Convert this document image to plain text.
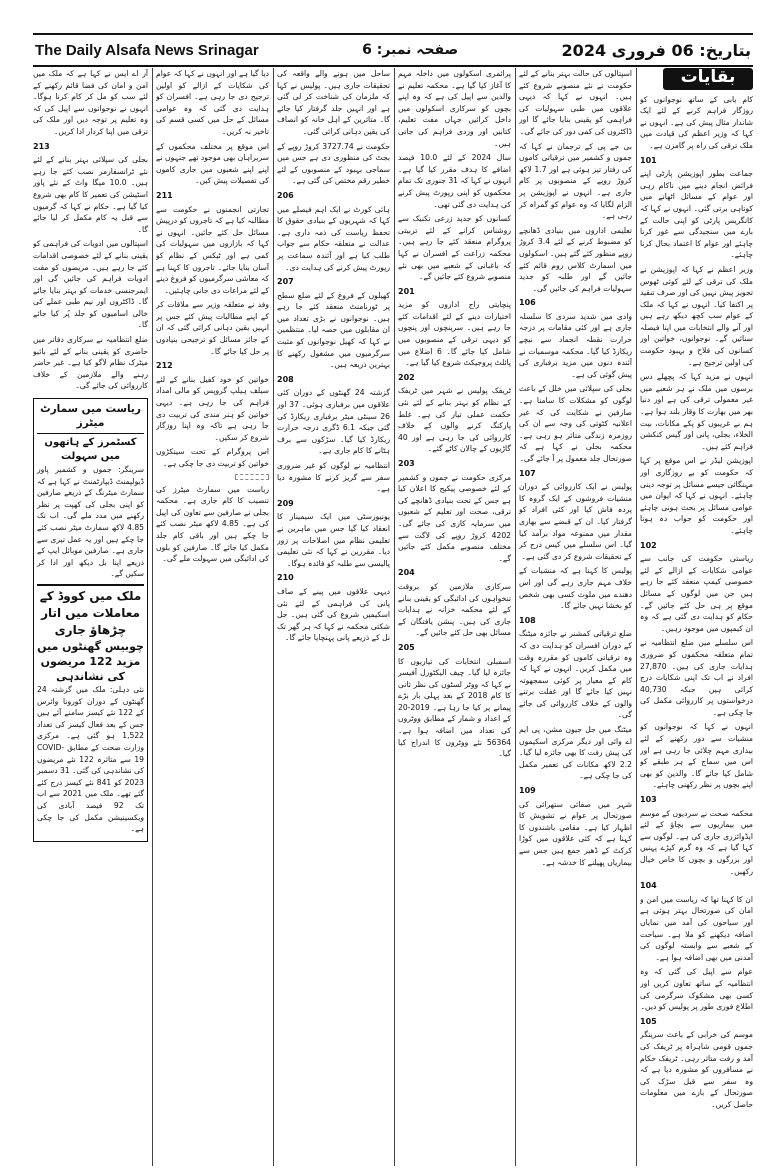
The Daily Alsafa News Srinagar	صفحہ نمبر: 6	بتاریخ: 06 فروری 2024
بقایات

کام یابی کے ساتھ نوجوانوں کو روزگار فراہم کرنے کے لئے ایک شاندار مثال پیش کی ہے۔ انہوں نے کہا کہ وزیر اعظم کی قیادت میں ملک ترقی کی راہ پر گامزن ہے۔

101

جماعت بطور اپوزیشن پارٹی اپنے فرائض انجام دینے میں ناکام رہی اور عوام کے مسائل اٹھانے میں کوتاہی برتی گئی۔ انہوں نے کہا کہ کانگریس پارٹی کو اپنی حالت کے بارے میں سنجیدگی سے غور کرنا چاہئے اور عوام کا اعتماد بحال کرنا چاہئے۔

وزیر اعظم نے کہا کہ اپوزیشن نے ملک کی ترقی کے لئے کوئی ٹھوس تجویز پیش نہیں کی اور صرف تنقید پر اکتفا کیا۔ انہوں نے کہا کہ ملک کے عوام سب کچھ دیکھ رہے ہیں اور آنے والے انتخابات میں اپنا فیصلہ سنائیں گے۔ نوجوانوں، خواتین اور کسانوں کی فلاح و بہبود حکومت کی اولین ترجیح ہے۔

انہوں نے مزید کہا کہ پچھلے دس برسوں میں ملک نے ہر شعبے میں غیر معمولی ترقی کی ہے اور دنیا بھر میں بھارت کا وقار بلند ہوا ہے۔ ہم نے غریبوں کو پکے مکانات، بیت الخلاء، بجلی، پانی اور گیس کنکشن فراہم کئے ہیں۔

اپوزیشن لیڈر نے اس موقع پر کہا کہ حکومت کو بے روزگاری اور مہنگائی جیسے مسائل پر توجہ دینی چاہئے۔ انہوں نے کہا کہ ایوان میں عوامی مسائل پر بحث ہونی چاہئے اور حکومت کو جواب دہ ہونا چاہئے۔

102

ریاستی حکومت کی جانب سے عوامی شکایات کے ازالے کے لئے خصوصی کیمپ منعقد کئے جا رہے ہیں جن میں لوگوں کے مسائل موقع پر ہی حل کئے جائیں گے۔ حکام کو ہدایت دی گئی ہے کہ وہ ان کیمپوں میں موجود رہیں۔

اس سلسلے میں ضلع انتظامیہ نے تمام متعلقہ محکموں کو ضروری ہدایات جاری کی ہیں۔ 27,870 افراد نے اب تک اپنی شکایات درج کرائی ہیں جبکہ 40,730 درخواستوں پر کارروائی مکمل کی جا چکی ہے۔

انہوں نے کہا کہ نوجوانوں کو منشیات سے دور رکھنے کے لئے بیداری مہم چلائی جا رہی ہے اور اس میں سماج کے ہر طبقے کو شامل کیا جائے گا۔ والدین کو بھی اپنے بچوں پر نظر رکھنی چاہئے۔

103

محکمہ صحت نے سردیوں کے موسم میں بیماریوں سے بچاؤ کے لئے ایڈوائزری جاری کی ہے۔ لوگوں سے کہا گیا ہے کہ وہ گرم کپڑے پہنیں اور بزرگوں و بچوں کا خاص خیال رکھیں۔

104

ان کا کہنا تھا کہ ریاست میں امن و امان کی صورتحال بہتر ہوئی ہے اور سیاحوں کی آمد میں نمایاں اضافہ دیکھنے کو ملا ہے۔ سیاحت کے شعبے سے وابستہ لوگوں کی آمدنی میں بھی اضافہ ہوا ہے۔

عوام سے اپیل کی گئی کہ وہ انتظامیہ کے ساتھ تعاون کریں اور کسی بھی مشکوک سرگرمی کی اطلاع فوری طور پر پولیس کو دیں۔

105

موسم کی خرابی کے باعث سرینگر جموں قومی شاہراہ پر ٹریفک کی آمد و رفت متاثر رہی۔ ٹریفک حکام نے مسافروں کو مشورہ دیا ہے کہ وہ سفر سے قبل سڑک کی صورتحال کے بارے میں معلومات حاصل کریں۔

اسپتالوں کی حالت بہتر بنانے کے لئے حکومت نے نئے منصوبے شروع کئے ہیں۔ انہوں نے کہا کہ دیہی علاقوں میں طبی سہولیات کی فراہمی کو یقینی بنایا جائے گا اور ڈاکٹروں کی کمی دور کی جائے گی۔

بی جے پی کے ترجمان نے کہا کہ جموں و کشمیر میں ترقیاتی کاموں کی رفتار تیز ہوئی ہے اور 1.7 لاکھ کروڑ روپے کے منصوبوں پر کام جاری ہے۔ انہوں نے اپوزیشن پر الزام لگایا کہ وہ عوام کو گمراہ کر رہی ہے۔

تعلیمی اداروں میں بنیادی ڈھانچے کو مضبوط کرنے کے لئے 3.4 کروڑ روپے منظور کئے گئے ہیں۔ اسکولوں میں اسمارٹ کلاس روم قائم کئے جائیں گے اور طلبہ کو جدید سہولیات فراہم کی جائیں گی۔

106

وادی میں شدید سردی کا سلسلہ جاری ہے اور کئی مقامات پر درجہ حرارت نقطہ انجماد سے نیچے ریکارڈ کیا گیا۔ محکمہ موسمیات نے آئندہ دنوں میں مزید برفباری کی پیش گوئی کی ہے۔

بجلی کی سپلائی میں خلل کے باعث لوگوں کو مشکلات کا سامنا ہے۔ صارفین نے شکایت کی کہ غیر اعلانیہ کٹوتی کی وجہ سے ان کی روزمرہ زندگی متاثر ہو رہی ہے۔ محکمہ بجلی نے کہا ہے کہ صورتحال جلد معمول پر آ جائے گی۔

107

پولیس نے ایک کارروائی کے دوران منشیات فروشوں کے ایک گروہ کا پردہ فاش کیا اور کئی افراد کو گرفتار کیا۔ ان کے قبضے سے بھاری مقدار میں ممنوعہ مواد برآمد کیا گیا۔ اس سلسلے میں کیس درج کر کے تحقیقات شروع کر دی گئی ہے۔

پولیس کا کہنا ہے کہ منشیات کے خلاف مہم جاری رہے گی اور اس دھندے میں ملوث کسی بھی شخص کو بخشا نہیں جائے گا۔

108

ضلع ترقیاتی کمشنر نے جائزہ میٹنگ کے دوران افسران کو ہدایت دی کہ وہ ترقیاتی کاموں کو مقررہ وقت میں مکمل کریں۔ انہوں نے کہا کہ کام کے معیار پر کوئی سمجھوتہ نہیں کیا جائے گا اور غفلت برتنے والوں کے خلاف کارروائی کی جائے گی۔

میٹنگ میں جل جیون مشن، پی ایم اے وائی اور دیگر مرکزی اسکیموں کی پیش رفت کا بھی جائزہ لیا گیا۔ 2.2 لاکھ مکانات کی تعمیر مکمل کی جا چکی ہے۔

109

شہر میں صفائی ستھرائی کی صورتحال پر عوام نے تشویش کا اظہار کیا ہے۔ مقامی باشندوں کا کہنا ہے کہ کئی علاقوں میں کوڑا کرکٹ کے ڈھیر جمع ہیں جس سے بیماریاں پھیلنے کا خدشہ ہے۔

پرائمری اسکولوں میں داخلہ مہم کا آغاز کیا گیا ہے۔ محکمہ تعلیم نے والدین سے اپیل کی ہے کہ وہ اپنے بچوں کو سرکاری اسکولوں میں داخل کرائیں جہاں مفت تعلیم، کتابیں اور وردی فراہم کی جاتی ہیں۔

سال 2024 کے لئے 10.0 فیصد اضافے کا ہدف مقرر کیا گیا ہے۔ انہوں نے کہا کہ 31 جنوری تک تمام محکموں کو اپنی رپورٹ پیش کرنے کی ہدایت دی گئی تھی۔

کسانوں کو جدید زرعی تکنیک سے روشناس کرانے کے لئے تربیتی پروگرام منعقد کئے جا رہے ہیں۔ محکمہ زراعت کے افسران نے کہا کہ باغبانی کے شعبے میں بھی نئے منصوبے شروع کئے جائیں گے۔

201

پنچایتی راج اداروں کو مزید اختیارات دینے کے لئے اقدامات کئے جا رہے ہیں۔ سرپنچوں اور پنچوں کو دیہی ترقی کے منصوبوں میں شامل کیا جائے گا۔ 6 اضلاع میں پائلٹ پروجیکٹ شروع کیا گیا ہے۔

202

ٹریفک پولیس نے شہر میں ٹریفک کے نظام کو بہتر بنانے کے لئے نئی حکمت عملی تیار کی ہے۔ غلط پارکنگ کرنے والوں کے خلاف کارروائی کی جا رہی ہے اور 40 گاڑیوں کے چالان کاٹے گئے۔

203

مرکزی حکومت نے جموں و کشمیر کے لئے خصوصی پیکیج کا اعلان کیا ہے جس کے تحت بنیادی ڈھانچے کی ترقی، صحت اور تعلیم کے شعبوں میں سرمایہ کاری کی جائے گی۔ 4202 کروڑ روپے کی لاگت سے مختلف منصوبے مکمل کئے جائیں گے۔

204

سرکاری ملازمین کو بروقت تنخواہوں کی ادائیگی کو یقینی بنانے کے لئے محکمہ خزانہ نے ہدایات جاری کی ہیں۔ پنشن یافتگان کے مسائل بھی حل کئے جائیں گے۔

205

اسمبلی انتخابات کی تیاریوں کا جائزہ لیا گیا۔ چیف الیکٹورل آفیسر نے کہا کہ ووٹر لسٹوں کی نظر ثانی کا کام 2018 کے بعد پہلی بار بڑے پیمانے پر کیا جا رہا ہے۔ 2019-20 کے اعداد و شمار کے مطابق ووٹروں کی تعداد میں اضافہ ہوا ہے۔ 56364 نئے ووٹروں کا اندراج کیا گیا۔

ساحل میں ہونے والے واقعہ کی تحقیقات جاری ہیں۔ پولیس نے کہا کہ ملزمان کی شناخت کر لی گئی ہے اور انہیں جلد گرفتار کیا جائے گا۔ متاثرین کے اہل خانہ کو انصاف کی یقین دہانی کرائی گئی۔

حکومت نے 3727.74 کروڑ روپے کے بجٹ کی منظوری دی ہے جس میں سماجی بہبود کے منصوبوں کے لئے خطیر رقم مختص کی گئی ہے۔

206

ہائی کورٹ نے ایک اہم فیصلے میں کہا کہ شہریوں کے بنیادی حقوق کا تحفظ ریاست کی ذمہ داری ہے۔ عدالت نے متعلقہ حکام سے جواب طلب کیا ہے اور آئندہ سماعت پر رپورٹ پیش کرنے کی ہدایت دی۔

207

کھیلوں کے فروغ کے لئے ضلع سطح پر ٹورنامنٹ منعقد کئے جا رہے ہیں۔ نوجوانوں نے بڑی تعداد میں ان مقابلوں میں حصہ لیا۔ منتظمین نے کہا کہ کھیل نوجوانوں کو مثبت سرگرمیوں میں مشغول رکھنے کا بہترین ذریعہ ہیں۔

208

گزشتہ 24 گھنٹوں کے دوران کئی علاقوں میں برفباری ہوئی۔ 37 اور 26 سینٹی میٹر برفباری ریکارڈ کی گئی جبکہ 6.1 ڈگری درجہ حرارت ریکارڈ کیا گیا۔ سڑکوں سے برف ہٹانے کا کام جاری ہے۔

انتظامیہ نے لوگوں کو غیر ضروری سفر سے گریز کرنے کا مشورہ دیا ہے۔

209

یونیورسٹی میں ایک سیمینار کا انعقاد کیا گیا جس میں ماہرین نے تعلیمی نظام میں اصلاحات پر زور دیا۔ مقررین نے کہا کہ نئی تعلیمی پالیسی سے طلبہ کو فائدہ ہوگا۔

210

دیہی علاقوں میں پینے کے صاف پانی کی فراہمی کے لئے نئی اسکیمیں شروع کی گئی ہیں۔ جل شکتی محکمہ نے کہا کہ ہر گھر تک نل کے ذریعے پانی پہنچایا جائے گا۔

دیا گیا ہے اور انہوں نے کہا کہ عوام کی شکایات کے ازالے کو اولین ترجیح دی جا رہی ہے۔ افسران کو ہدایت دی گئی کہ وہ عوامی مسائل کے حل میں کسی قسم کی تاخیر نہ کریں۔

اس موقع پر مختلف محکموں کے سربراہان بھی موجود تھے جنہوں نے اپنے اپنے شعبوں میں جاری کاموں کی تفصیلات پیش کیں۔

211

تجارتی انجمنوں نے حکومت سے مطالبہ کیا ہے کہ تاجروں کو درپیش مسائل حل کئے جائیں۔ انہوں نے کہا کہ بازاروں میں سہولیات کی کمی ہے اور ٹیکس کے نظام کو آسان بنایا جائے۔ تاجروں کا کہنا ہے کہ معاشی سرگرمیوں کو فروغ دینے کے لئے مراعات دی جانی چاہئیں۔

وفد نے متعلقہ وزیر سے ملاقات کر کے اپنے مطالبات پیش کئے جس پر انہیں یقین دہانی کرائی گئی کہ ان کے جائز مسائل کو ترجیحی بنیادوں پر حل کیا جائے گا۔

212

خواتین کو خود کفیل بنانے کے لئے سیلف ہیلپ گروپس کو مالی امداد فراہم کی جا رہی ہے۔ دیہی خواتین کو ہنر مندی کی تربیت دی جا رہی ہے تاکہ وہ اپنا روزگار شروع کر سکیں۔

اس پروگرام کے تحت سینکڑوں خواتین کو تربیت دی جا چکی ہے۔

ریاست میں سمارٹ میٹرز کی تنصیب کا کام جاری ہے۔ محکمہ بجلی نے صارفین سے تعاون کی اپیل کی ہے۔ 4.85 لاکھ میٹر نصب کئے جا چکے ہیں اور باقی کام جلد مکمل کیا جائے گا۔ صارفین کو بلوں کی ادائیگی میں سہولت ملے گی۔

آر اے ایس نے کہا ہے کہ ملک میں امن و امان کی فضا قائم رکھنے کے لئے سب کو مل کر کام کرنا ہوگا۔ انہوں نے نوجوانوں سے اپیل کی کہ وہ تعلیم پر توجہ دیں اور ملک کی ترقی میں اپنا کردار ادا کریں۔

213

بجلی کی سپلائی بہتر بنانے کے لئے نئے ٹرانسفارمر نصب کئے جا رہے ہیں۔ 10.0 میگا واٹ کے نئے پاور اسٹیشن کی تعمیر کا کام بھی شروع کیا گیا ہے۔ حکام نے کہا کہ گرمیوں سے قبل یہ کام مکمل کر لیا جائے گا۔

اسپتالوں میں ادویات کی فراہمی کو یقینی بنانے کے لئے خصوصی اقدامات کئے جا رہے ہیں۔ مریضوں کو مفت ادویات فراہم کی جائیں گی اور ایمرجنسی خدمات کو بہتر بنایا جائے گا۔ ڈاکٹروں اور نیم طبی عملے کی خالی اسامیوں کو جلد پُر کیا جائے گا۔

ضلع انتظامیہ نے سرکاری دفاتر میں حاضری کو یقینی بنانے کے لئے بائیو میٹرک نظام لاگو کیا ہے۔ غیر حاضر رہنے والے ملازمین کے خلاف کارروائی کی جائے گی۔

ریاست میں سمارٹ میٹرز
کسٹمرز کے ہاتھوں میں سہولت

سرینگر: جموں و کشمیر پاور ڈیولپمنٹ ڈیپارٹمنٹ نے کہا ہے کہ سمارٹ میٹرنگ کے ذریعے صارفین کو اپنی بجلی کی کھپت پر نظر رکھنے میں مدد ملے گی۔ اب تک 4.85 لاکھ سمارٹ میٹر نصب کئے جا چکے ہیں اور یہ عمل تیزی سے جاری ہے۔ صارفین موبائل ایپ کے ذریعے اپنا بل دیکھ اور ادا کر سکیں گے۔

ملک میں کووڈ کے معاملات میں اتار چڑھاؤ جاری
چوبیس گھنٹوں میں مزید 122 مریضوں کی نشاندہی

نئی دہلی: ملک میں گزشتہ 24 گھنٹوں کے دوران کورونا وائرس کے 122 نئے کیسز سامنے آئے ہیں جس کے بعد فعال کیسز کی تعداد 1,522 ہو گئی ہے۔ مرکزی وزارت صحت کے مطابق COVID-19 سے متاثرہ 122 نئے مریضوں کی نشاندہی کی گئی۔ 31 دسمبر 2023 کو 841 نئے کیسز درج کئے گئے تھے۔ ملک میں 2021 سے اب تک 92 فیصد آبادی کی ویکسینیشن مکمل کی جا چکی ہے۔
